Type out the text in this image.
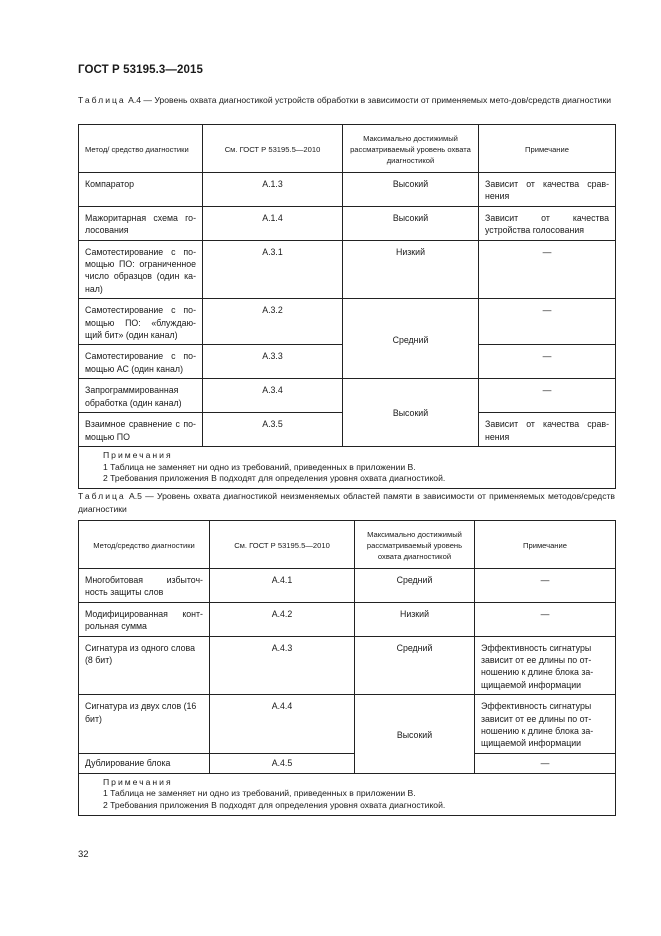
ГОСТ Р 53195.3—2015
Таблица А.4 — Уровень охвата диагностикой устройств обработки в зависимости от применяемых мето-дов/средств диагностики
Метод/ средство диагностики	См. ГОСТ Р 53195.5—2010	Максимально достижимый рассматриваемый уровень охвата диагностикой	Примечание
Компаратор	А.1.3	Высокий	Зависит от качества срав-нения
Мажоритарная схема го-лосования	А.1.4	Высокий	Зависит от качества устройства голосования
Самотестирование с по-мощью ПО: ограниченное число образцов (один ка-нал)	А.3.1	Низкий	—
Самотестирование с по-мощью ПО: «блуждаю-щий бит» (один канал)	А.3.2	Средний	—
Самотестирование с по-мощью АС (один канал)	А.3.3		—
Запрограммированная обработка (один канал)	А.3.4	Высокий	—
Взаимное сравнение с по-мощью ПО	А.3.5		Зависит от качества срав-нения

Примечания
1 Таблица не заменяет ни одно из требований, приведенных в приложении В.
2 Требования приложения В подходят для определения уровня охвата диагностикой.			
Таблица А.5 — Уровень охвата диагностикой неизменяемых областей памяти в зависимости от применяемых методов/средств диагностики
Метод/средство диагностики	См. ГОСТ Р 53195.5—2010	Максимально достижимый рассматриваемый уровень охвата диагностикой	Примечание
Многобитовая избыточ-ность защиты слов	А.4.1	Средний	—
Модифицированная конт-рольная сумма	А.4.2	Низкий	—
Сигнатура из одного слова (8 бит)	А.4.3	Средний	Эффективность сигнатуры зависит от ее длины по от-ношению к длине блока за-щищаемой информации
Сигнатура из двух слов (16 бит)	А.4.4	Высокий	Эффективность сигнатуры зависит от ее длины по от-ношению к длине блока за-щищаемой информации
Дублирование блока	А.4.5		—

Примечания
1 Таблица не заменяет ни одно из требований, приведенных в приложении В.
2 Требования приложения В подходят для определения уровня охвата диагностикой.			
32
